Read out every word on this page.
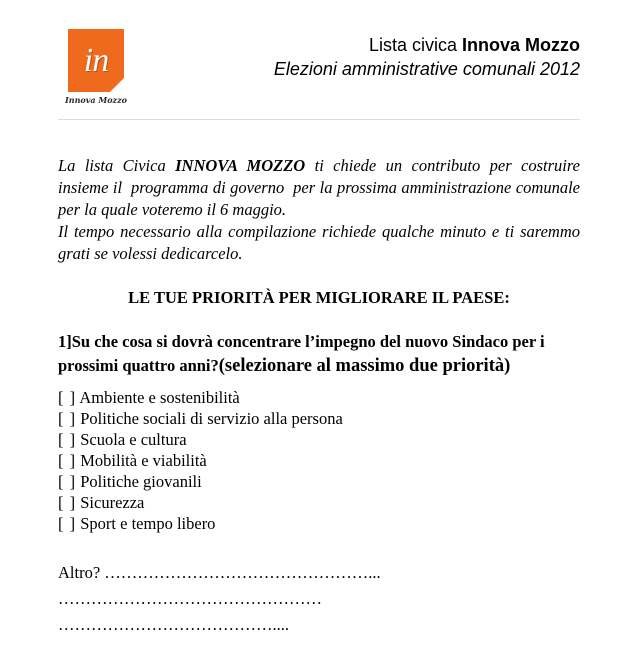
in
Innova Mozzo
Lista civica Innova Mozzo
Elezioni amministrative comunali 2012

La lista Civica INNOVA MOZZO ti chiede un contributo per costruire insieme il  programma di governo  per la prossima amministrazione comunale per la quale voteremo il 6 maggio.

Il tempo necessario alla compilazione richiede qualche minuto e ti saremmo grati se volessi dedicarcelo.

LE TUE PRIORITÀ PER MIGLIORARE IL PAESE:
1]Su che cosa si dovrà concentrare l’impegno del nuovo Sindaco per i prossimi quattro anni?(selezionare al massimo due priorità)
[ ] Ambiente e sostenibilità
[ ] Politiche sociali di servizio alla persona
[ ] Scuola e cultura
[ ] Mobilità e viabilità
[ ] Politiche giovanili
[ ] Sicurezza
[ ] Sport e tempo libero
Altro? …………………………………………...
…………………………………………
…………………………………....
